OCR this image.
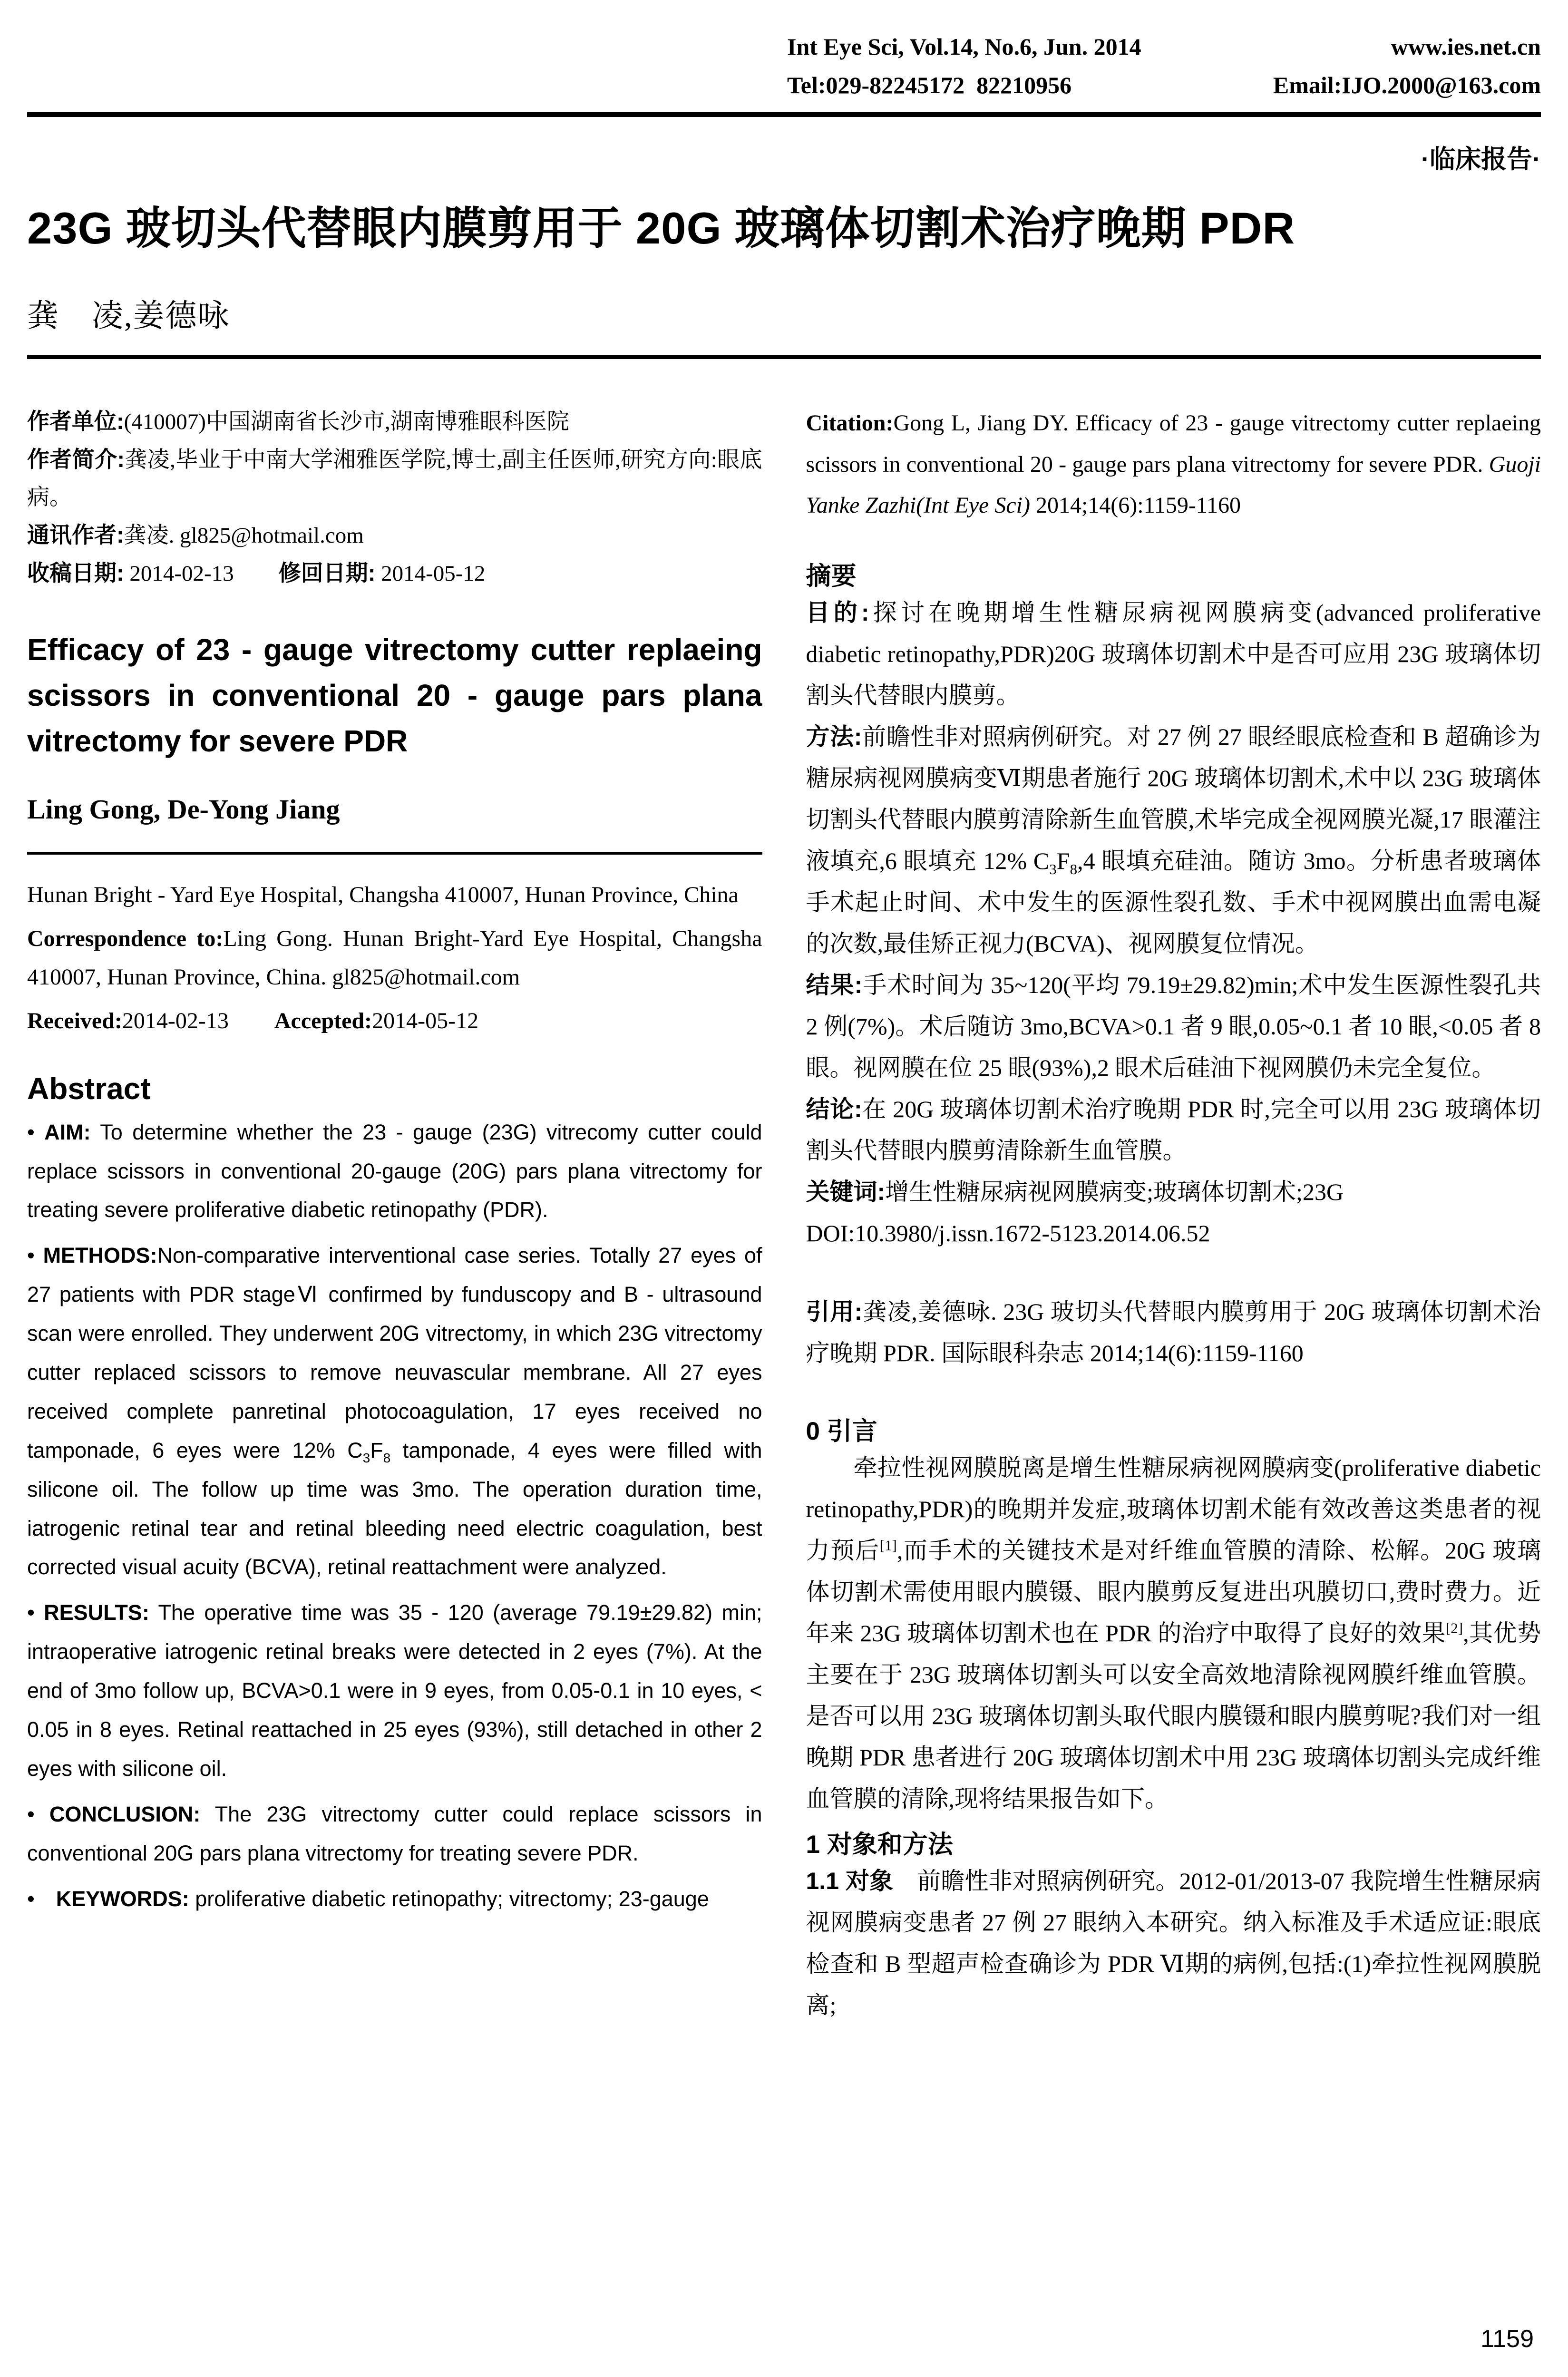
Int Eye Sci, Vol.14, No.6, Jun. 2014	www.ies.net.cn
Tel:029-82245172  82210956	Email:IJO.2000@163.com
·临床报告·
23G 玻切头代替眼内膜剪用于 20G 玻璃体切割术治疗晚期 PDR
龚　凌,姜德咏

作者单位:(410007)中国湖南省长沙市,湖南博雅眼科医院

作者简介:龚凌,毕业于中南大学湘雅医学院,博士,副主任医师,研究方向:眼底病。

通讯作者:龚凌. gl825@hotmail.com

收稿日期: 2014-02-13　　修回日期: 2014-05-12

Efficacy of 23 - gauge vitrectomy cutter replaeing scissors in conventional 20 - gauge pars plana vitrectomy for severe PDR
Ling Gong, De-Yong Jiang

Hunan Bright - Yard Eye Hospital, Changsha 410007, Hunan Province, China

Correspondence to:Ling Gong. Hunan Bright-Yard Eye Hospital, Changsha 410007, Hunan Province, China. gl825@hotmail.com

Received:2014-02-13　　Accepted:2014-05-12

Abstract

• AIM: To determine whether the 23 - gauge (23G) vitrecomy cutter could replace scissors in conventional 20-gauge (20G) pars plana vitrectomy for treating severe proliferative diabetic retinopathy (PDR).

• METHODS:Non-comparative interventional case series. Totally 27 eyes of 27 patients with PDR stageⅥ confirmed by funduscopy and B - ultrasound scan were enrolled. They underwent 20G vitrectomy, in which 23G vitrectomy cutter replaced scissors to remove neuvascular membrane. All 27 eyes received complete panretinal photocoagulation, 17 eyes received no tamponade, 6 eyes were 12% $C_3F_8$ tamponade, 4 eyes were filled with silicone oil. The follow up time was 3mo. The operation duration time, iatrogenic retinal tear and retinal bleeding need electric coagulation, best corrected visual acuity (BCVA), retinal reattachment were analyzed.

• RESULTS: The operative time was 35 - 120 (average 79.19±29.82) min; intraoperative iatrogenic retinal breaks were detected in 2 eyes (7%). At the end of 3mo follow up, BCVA>0.1 were in 9 eyes, from 0.05-0.1 in 10 eyes, < 0.05 in 8 eyes. Retinal reattached in 25 eyes (93%), still detached in other 2 eyes with silicone oil.

• CONCLUSION: The 23G vitrectomy cutter could replace scissors in conventional 20G pars plana vitrectomy for treating severe PDR.

•　KEYWORDS: proliferative diabetic retinopathy; vitrectomy; 23-gauge

Citation:Gong L, Jiang DY. Efficacy of 23 - gauge vitrectomy cutter replaeing scissors in conventional 20 - gauge pars plana vitrectomy for severe PDR. Guoji Yanke Zazhi(Int Eye Sci) 2014;14(6):1159-1160

摘要

目的:探讨在晚期增生性糖尿病视网膜病变(advanced proliferative diabetic retinopathy,PDR)20G 玻璃体切割术中是否可应用 23G 玻璃体切割头代替眼内膜剪。

方法:前瞻性非对照病例研究。对 27 例 27 眼经眼底检查和 B 超确诊为糖尿病视网膜病变Ⅵ期患者施行 20G 玻璃体切割术,术中以 23G 玻璃体切割头代替眼内膜剪清除新生血管膜,术毕完成全视网膜光凝,17 眼灌注液填充,6 眼填充 12% $C_3F_8,4$ 眼填充硅油。随访 3mo。分析患者玻璃体手术起止时间、术中发生的医源性裂孔数、手术中视网膜出血需电凝的次数,最佳矫正视力(BCVA)、视网膜复位情况。

结果:手术时间为 35~120(平均 79.19±29.82)min;术中发生医源性裂孔共 2 例(7%)。术后随访 3mo,BCVA>0.1 者 9 眼,0.05~0.1 者 10 眼,<0.05 者 8 眼。视网膜在位 25 眼(93%),2 眼术后硅油下视网膜仍未完全复位。

结论:在 20G 玻璃体切割术治疗晚期 PDR 时,完全可以用 23G 玻璃体切割头代替眼内膜剪清除新生血管膜。

关键词:增生性糖尿病视网膜病变;玻璃体切割术;23G

DOI:10.3980/j.issn.1672-5123.2014.06.52

引用:龚凌,姜德咏. 23G 玻切头代替眼内膜剪用于 20G 玻璃体切割术治疗晚期 PDR. 国际眼科杂志 2014;14(6):1159-1160

0 引言

牵拉性视网膜脱离是增生性糖尿病视网膜病变(proliferative diabetic retinopathy,PDR)的晚期并发症,玻璃体切割术能有效改善这类患者的视力预后[1],而手术的关键技术是对纤维血管膜的清除、松解。20G 玻璃体切割术需使用眼内膜镊、眼内膜剪反复进出巩膜切口,费时费力。近年来 23G 玻璃体切割术也在 PDR 的治疗中取得了良好的效果[2],其优势主要在于 23G 玻璃体切割头可以安全高效地清除视网膜纤维血管膜。是否可以用 23G 玻璃体切割头取代眼内膜镊和眼内膜剪呢?我们对一组晚期 PDR 患者进行 20G 玻璃体切割术中用 23G 玻璃体切割头完成纤维血管膜的清除,现将结果报告如下。

1 对象和方法

1.1 对象　前瞻性非对照病例研究。2012-01/2013-07 我院增生性糖尿病视网膜病变患者 27 例 27 眼纳入本研究。纳入标准及手术适应证:眼底检查和 B 型超声检查确诊为 PDR Ⅵ期的病例,包括:(1)牵拉性视网膜脱离;

1159
